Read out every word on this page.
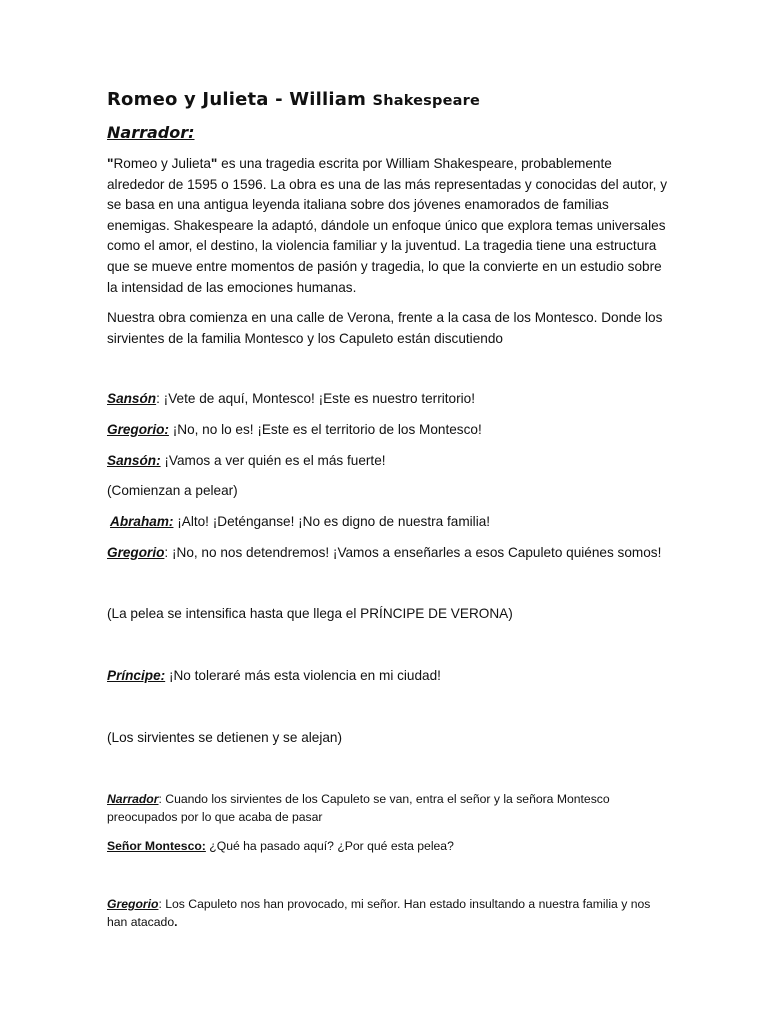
Romeo y Julieta - William Shakespeare
Narrador:

"Romeo y Julieta" es una tragedia escrita por William Shakespeare, probablemente alrededor de 1595 o 1596. La obra es una de las más representadas y conocidas del autor, y se basa en una antigua leyenda italiana sobre dos jóvenes enamorados de familias enemigas. Shakespeare la adaptó, dándole un enfoque único que explora temas universales como el amor, el destino, la violencia familiar y la juventud. La tragedia tiene una estructura que se mueve entre momentos de pasión y tragedia, lo que la convierte en un estudio sobre la intensidad de las emociones humanas.

Nuestra obra comienza en una calle de Verona, frente a la casa de los Montesco. Donde los sirvientes de la familia Montesco y los Capuleto están discutiendo

Sansón: ¡Vete de aquí, Montesco! ¡Este es nuestro territorio!
Gregorio: ¡No, no lo es! ¡Este es el territorio de los Montesco!
Sansón: ¡Vamos a ver quién es el más fuerte!
(Comienzan a pelear)
Abraham: ¡Alto! ¡Deténganse! ¡No es digno de nuestra familia!
Gregorio: ¡No, no nos detendremos! ¡Vamos a enseñarles a esos Capuleto quiénes somos!
(La pelea se intensifica hasta que llega el PRÍNCIPE DE VERONA)
Príncipe: ¡No toleraré más esta violencia en mi ciudad!
(Los sirvientes se detienen y se alejan)

Narrador: Cuando los sirvientes de los Capuleto se van, entra el señor y la señora Montesco preocupados por lo que acaba de pasar

Señor Montesco: ¿Qué ha pasado aquí? ¿Por qué esta pelea?

Gregorio: Los Capuleto nos han provocado, mi señor. Han estado insultando a nuestra familia y nos han atacado.
